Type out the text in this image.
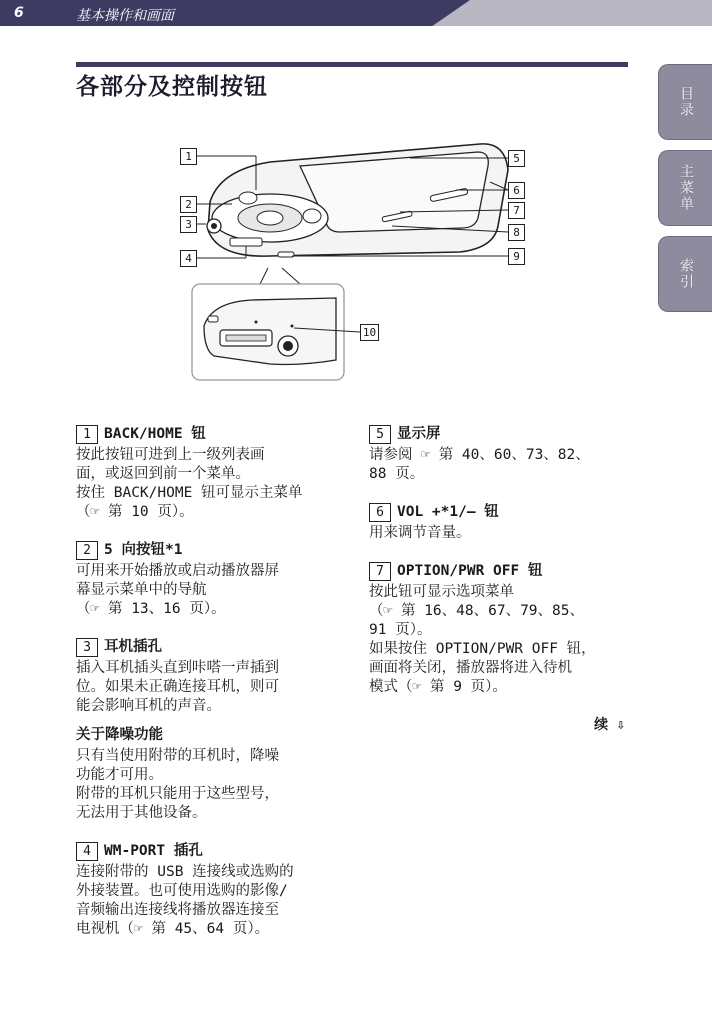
6	基本操作和画面
各部分及控制按钮	目录
主菜单
索引
1
2
3
4
5
6
7
8
9
10
1 BACK/HOME 钮
按此按钮可进到上一级列表画
面，或返回到前一个菜单。
按住 BACK/HOME 钮可显示主菜单
（☞ 第 10 页）。
2 5 向按钮*1
可用来开始播放或启动播放器屏
幕显示菜单中的导航
（☞ 第 13、16 页）。
3 耳机插孔
插入耳机插头直到咔嗒一声插到
位。如果未正确连接耳机，则可
能会影响耳机的声音。
关于降噪功能
只有当使用附带的耳机时，降噪
功能才可用。
附带的耳机只能用于这些型号，
无法用于其他设备。
4 WM-PORT 插孔
连接附带的 USB 连接线或选购的
外接装置。也可使用选购的影像/
音频输出连接线将播放器连接至
电视机（☞ 第 45、64 页）。
5 显示屏
请参阅 ☞ 第 40、60、73、82、
88 页。
6 VOL +*1/– 钮
用来调节音量。
7 OPTION/PWR OFF 钮
按此钮可显示选项菜单
（☞ 第 16、48、67、79、85、
91 页）。
如果按住 OPTION/PWR OFF 钮，
画面将关闭，播放器将进入待机
模式（☞ 第 9 页）。
续 ⇩
